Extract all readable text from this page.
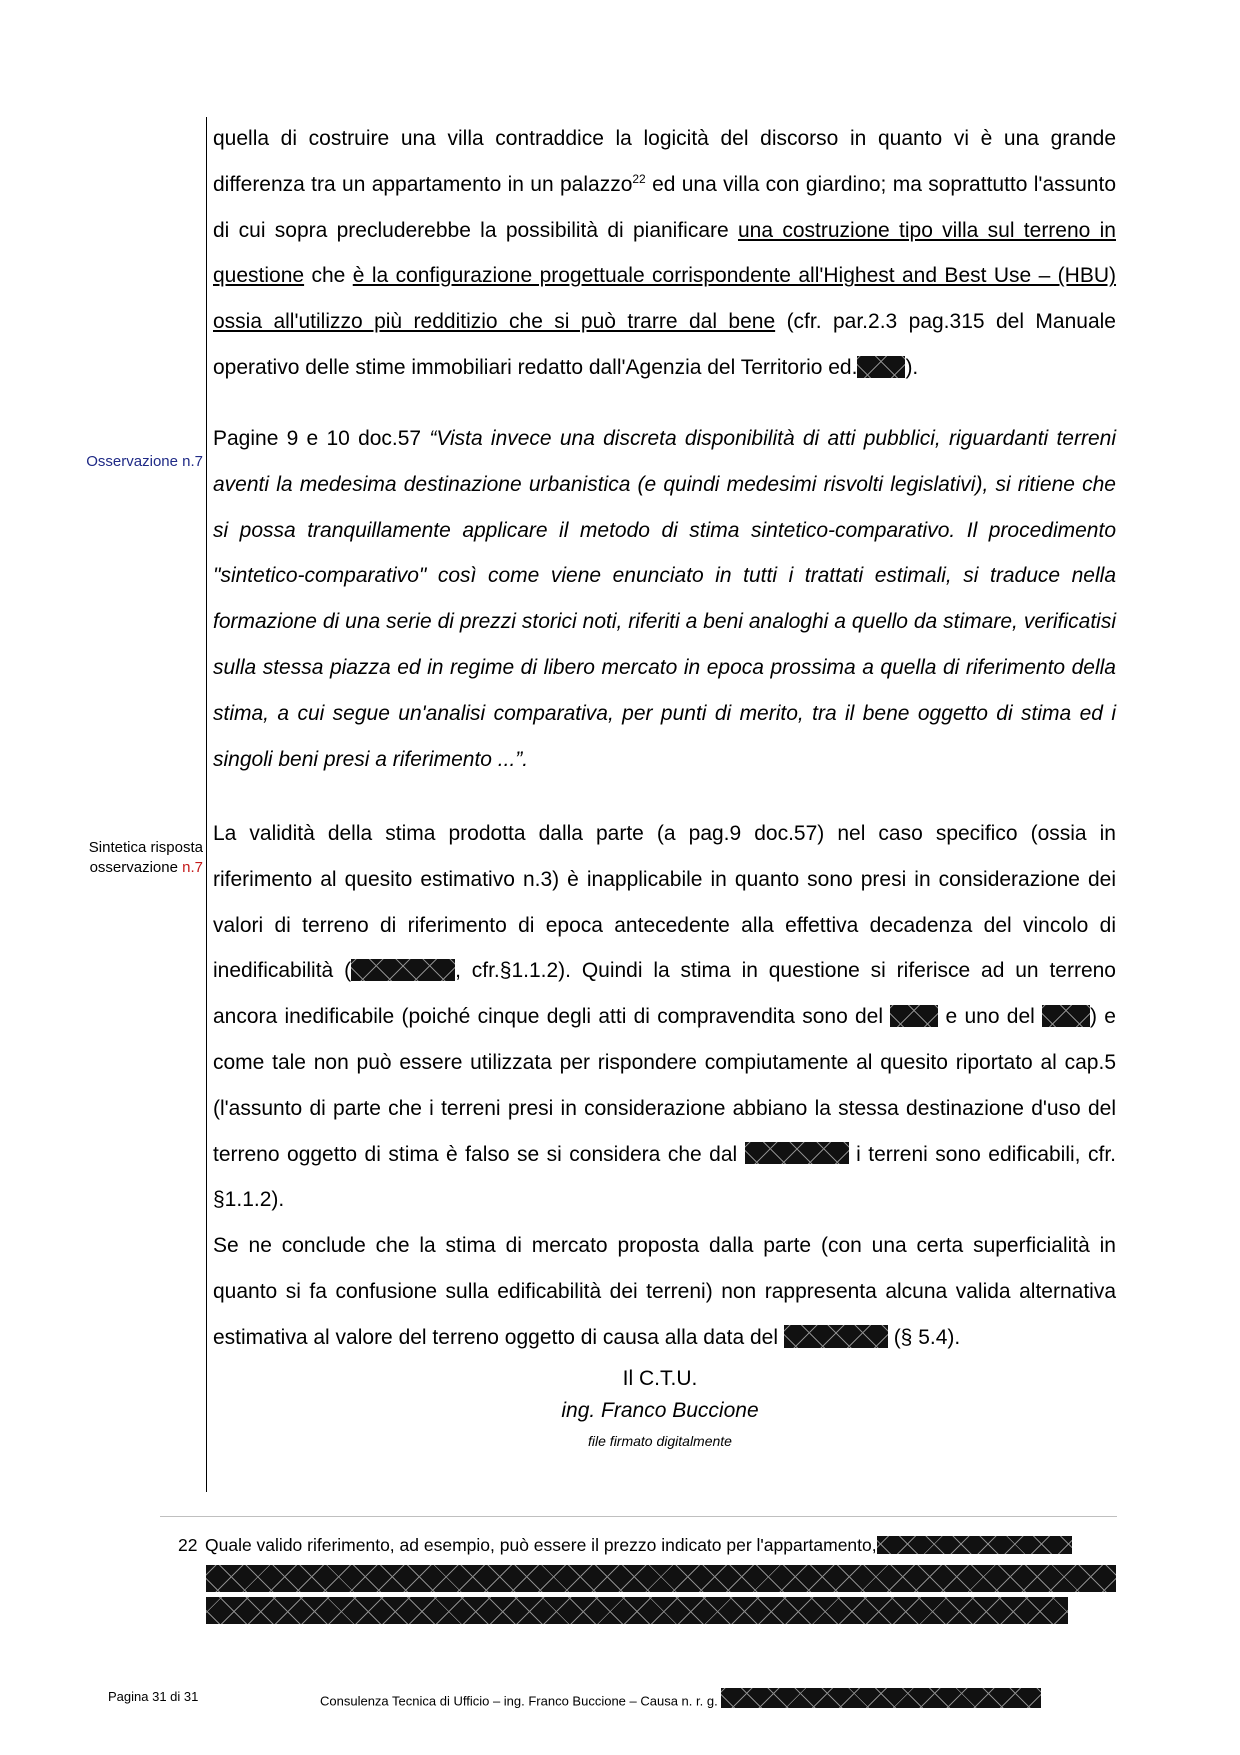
quella di costruire una villa contraddice la logicità del discorso in quanto vi è una grande differenza tra un appartamento in un palazzo$^{22}$ ed una villa con giardino; ma soprattutto l'assunto di cui sopra precluderebbe la possibilità di pianificare una costruzione tipo villa sul terreno in questione che è la configurazione progettuale corrispondente all'Highest and Best Use – (HBU) ossia all'utilizzo più redditizio che si può trarre dal bene (cfr. par.2.3 pag.315 del Manuale operativo delle stime immobiliari redatto dall'Agenzia del Territorio ed. ).

Osservazione n.7

Pagine 9 e 10 doc.57 “Vista invece una discreta disponibilità di atti pubblici, riguardanti terreni aventi la medesima destinazione urbanistica (e quindi medesimi risvolti legislativi), si ritiene che si possa tranquillamente applicare il metodo di stima sintetico-comparativo. Il procedimento "sintetico-comparativo" così come viene enunciato in tutti i trattati estimali, si traduce nella formazione di una serie di prezzi storici noti, riferiti a beni analoghi a quello da stimare, verificatisi sulla stessa piazza ed in regime di libero mercato in epoca prossima a quella di riferimento della stima, a cui segue un'analisi comparativa, per punti di merito, tra il bene oggetto di stima ed i singoli beni presi a riferimento ...”.

Sintetica risposta
osservazione n.7

La validità della stima prodotta dalla parte (a pag.9 doc.57) nel caso specifico (ossia in riferimento al quesito estimativo n.3) è inapplicabile in quanto sono presi in considerazione dei valori di terreno di riferimento di epoca antecedente alla effettiva decadenza del vincolo di inedificabilità (	, cfr.§1.1.2). Quindi la stima in questione si riferisce ad un terreno ancora inedificabile (poiché cinque degli atti di compravendita sono del  e uno del ) e come tale non può essere utilizzata per rispondere compiutamente al quesito riportato al cap.5 (l'assunto di parte che i terreni presi in considerazione abbiano la stessa destinazione d'uso del terreno oggetto di stima è falso se si considera che dal	i terreni sono edificabili, cfr. §1.1.2).

Se ne conclude che la stima di mercato proposta dalla parte (con una certa superficialità in quanto si fa confusione sulla edificabilità dei terreni) non rappresenta alcuna valida alternativa estimativa al valore del terreno oggetto di causa alla data del	(§ 5.4).

Il C.T.U.
ing. Franco Buccione
file firmato digitalmente
22 Quale valido riferimento, ad esempio, può essere il prezzo indicato per l'appartamento,
Pagina 31 di 31	Consulenza Tecnica di Ufficio – ing. Franco Buccione – Causa n. r. g.
